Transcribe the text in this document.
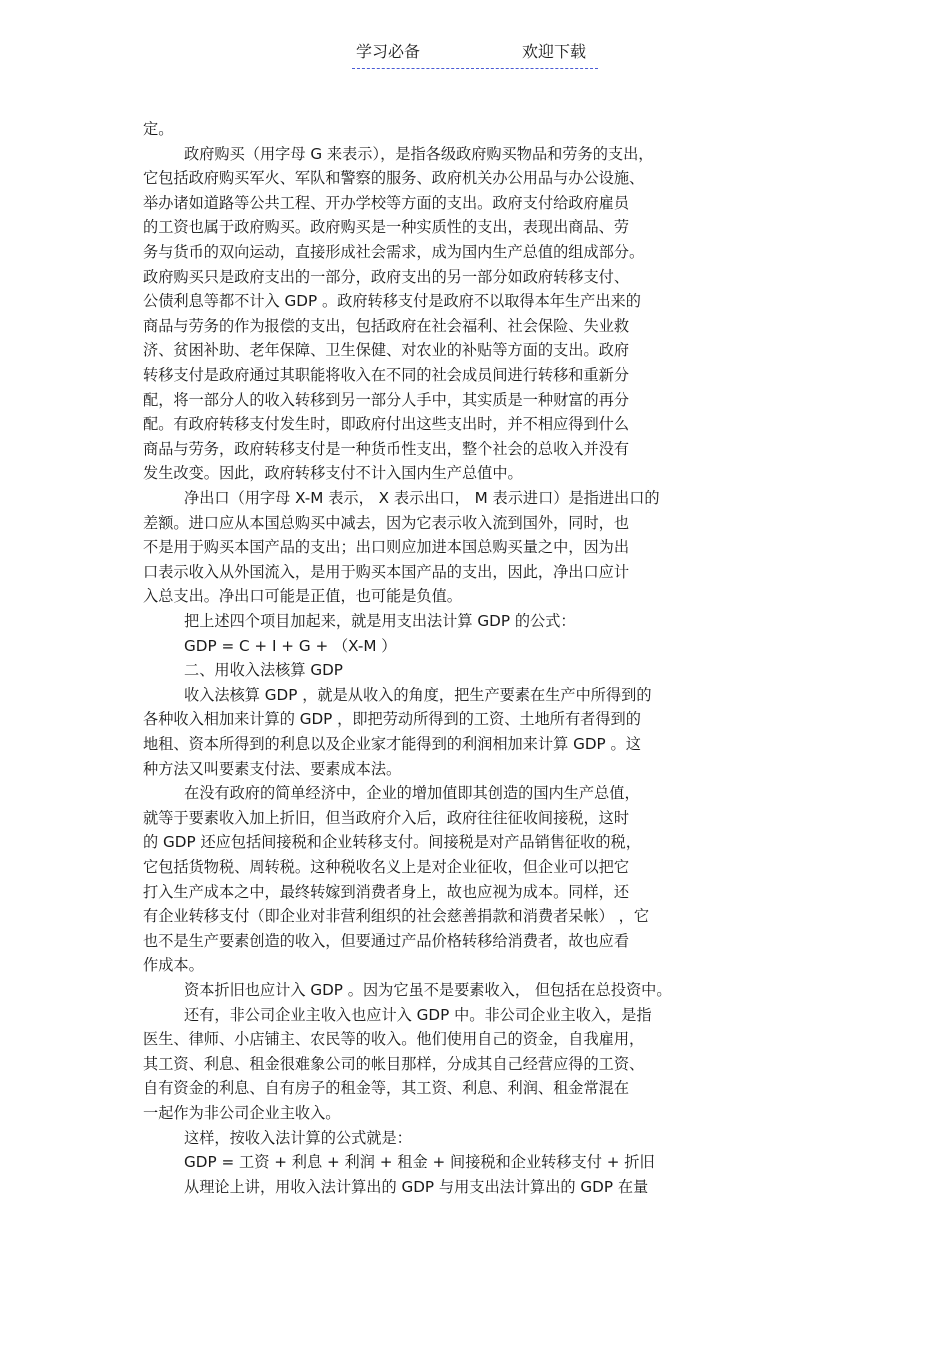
学习必备	欢迎下载
定。
政府购买（用字母 G 来表示），是指各级政府购买物品和劳务的支出，
它包括政府购买军火、军队和警察的服务、政府机关办公用品与办公设施、
举办诸如道路等公共工程、开办学校等方面的支出。政府支付给政府雇员
的工资也属于政府购买。政府购买是一种实质性的支出，表现出商品、劳
务与货币的双向运动，直接形成社会需求，成为国内生产总值的组成部分。
政府购买只是政府支出的一部分，政府支出的另一部分如政府转移支付、
公债利息等都不计入 GDP 。政府转移支付是政府不以取得本年生产出来的
商品与劳务的作为报偿的支出，包括政府在社会福利、社会保险、失业救
济、贫困补助、老年保障、卫生保健、对农业的补贴等方面的支出。政府
转移支付是政府通过其职能将收入在不同的社会成员间进行转移和重新分
配，将一部分人的收入转移到另一部分人手中，其实质是一种财富的再分
配。有政府转移支付发生时，即政府付出这些支出时，并不相应得到什么
商品与劳务，政府转移支付是一种货币性支出，整个社会的总收入并没有
发生改变。因此，政府转移支付不计入国内生产总值中。
净出口（用字母 X-M 表示， X 表示出口， M 表示进口）是指进出口的
差额。进口应从本国总购买中减去，因为它表示收入流到国外，同时，也
不是用于购买本国产品的支出；出口则应加进本国总购买量之中，因为出
口表示收入从外国流入，是用于购买本国产品的支出，因此，净出口应计
入总支出。净出口可能是正值，也可能是负值。
把上述四个项目加起来，就是用支出法计算 GDP 的公式：
GDP = C + I + G + （X-M ）
二、用收入法核算 GDP
收入法核算 GDP ，就是从收入的角度，把生产要素在生产中所得到的
各种收入相加来计算的 GDP ，即把劳动所得到的工资、土地所有者得到的
地租、资本所得到的利息以及企业家才能得到的利润相加来计算 GDP 。这
种方法又叫要素支付法、要素成本法。
在没有政府的简单经济中，企业的增加值即其创造的国内生产总值，
就等于要素收入加上折旧，但当政府介入后，政府往往征收间接税，这时
的 GDP 还应包括间接税和企业转移支付。间接税是对产品销售征收的税，
它包括货物税、周转税。这种税收名义上是对企业征收，但企业可以把它
打入生产成本之中，最终转嫁到消费者身上，故也应视为成本。同样，还
有企业转移支付（即企业对非营利组织的社会慈善捐款和消费者呆帐） ，它
也不是生产要素创造的收入，但要通过产品价格转移给消费者，故也应看
作成本。
资本折旧也应计入 GDP 。因为它虽不是要素收入， 但包括在总投资中。
还有，非公司企业主收入也应计入 GDP 中。非公司企业主收入，是指
医生、律师、小店铺主、农民等的收入。他们使用自己的资金，自我雇用，
其工资、利息、租金很难象公司的帐目那样，分成其自己经营应得的工资、
自有资金的利息、自有房子的租金等，其工资、利息、利润、租金常混在
一起作为非公司企业主收入。
这样，按收入法计算的公式就是：
GDP = 工资 + 利息 + 利润 + 租金 + 间接税和企业转移支付 + 折旧
从理论上讲，用收入法计算出的 GDP 与用支出法计算出的 GDP 在量
